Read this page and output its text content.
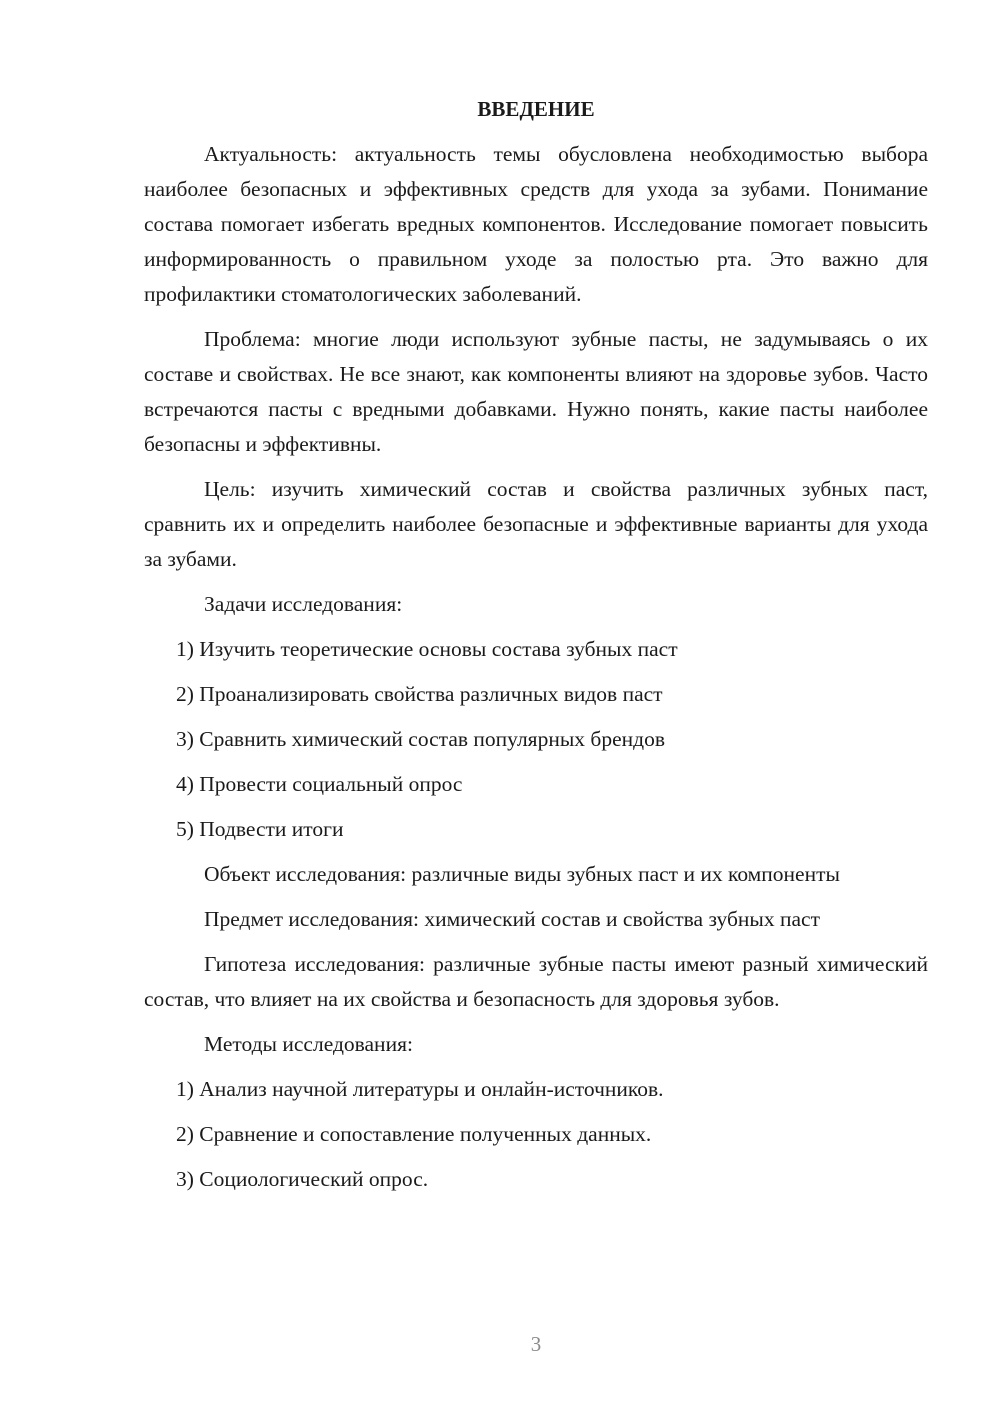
ВВЕДЕНИЕ

Актуальность: актуальность темы обусловлена необходимостью выбора наиболее безопасных и эффективных средств для ухода за зубами. Понимание состава помогает избегать вредных компонентов. Исследование помогает повысить информированность о правильном уходе за полостью рта. Это важно для профилактики стоматологических заболеваний.

Проблема: многие люди используют зубные пасты, не задумываясь о их составе и свойствах. Не все знают, как компоненты влияют на здоровье зубов. Часто встречаются пасты с вредными добавками. Нужно понять, какие пасты наиболее безопасны и эффективны.

Цель: изучить химический состав и свойства различных зубных паст, сравнить их и определить наиболее безопасные и эффективные варианты для ухода за зубами.

Задачи исследования:

1) Изучить теоретические основы состава зубных паст

2) Проанализировать свойства различных видов паст

3) Сравнить химический состав популярных брендов

4) Провести социальный опрос

5) Подвести итоги

Объект исследования: различные виды зубных паст и их компоненты

Предмет исследования: химический состав и свойства зубных паст

Гипотеза исследования: различные зубные пасты имеют разный химический состав, что влияет на их свойства и безопасность для здоровья зубов.

Методы исследования:

1) Анализ научной литературы и онлайн-источников.

2) Сравнение и сопоставление полученных данных.

3) Социологический опрос.

3
